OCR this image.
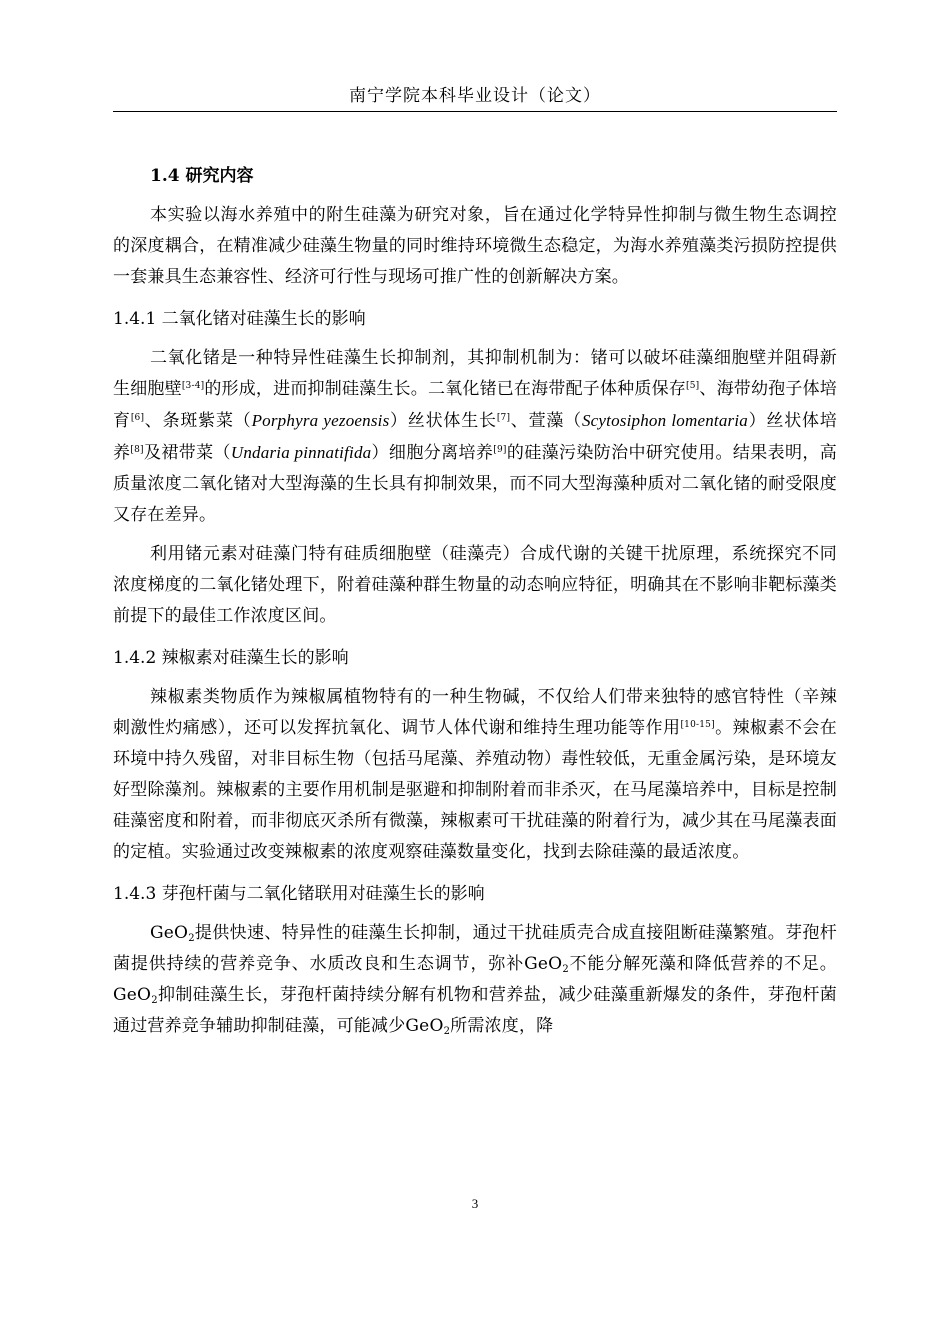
南宁学院本科毕业设计（论文）
1.4 研究内容

本实验以海水养殖中的附生硅藻为研究对象，旨在通过化学特异性抑制与微生物生态调控的深度耦合，在精准减少硅藻生物量的同时维持环境微生态稳定，为海水养殖藻类污损防控提供一套兼具生态兼容性、经济可行性与现场可推广性的创新解决方案。

1.4.1 二氧化锗对硅藻生长的影响

二氧化锗是一种特异性硅藻生长抑制剂，其抑制机制为：锗可以破坏硅藻细胞壁并阻碍新生细胞壁[3-4]的形成，进而抑制硅藻生长。二氧化锗已在海带配子体种质保存[5]、海带幼孢子体培育[6]、条斑紫菜（Porphyra yezoensis）丝状体生长[7]、萱藻（Scytosiphon lomentaria）丝状体培养[8]及裙带菜（Undaria pinnatifida）细胞分离培养[9]的硅藻污染防治中研究使用。结果表明，高质量浓度二氧化锗对大型海藻的生长具有抑制效果，而不同大型海藻种质对二氧化锗的耐受限度又存在差异。

利用锗元素对硅藻门特有硅质细胞壁（硅藻壳）合成代谢的关键干扰原理，系统探究不同浓度梯度的二氧化锗处理下，附着硅藻种群生物量的动态响应特征，明确其在不影响非靶标藻类前提下的最佳工作浓度区间。

1.4.2 辣椒素对硅藻生长的影响

辣椒素类物质作为辣椒属植物特有的一种生物碱，不仅给人们带来独特的感官特性（辛辣刺激性灼痛感），还可以发挥抗氧化、调节人体代谢和维持生理功能等作用[10-15]。辣椒素不会在环境中持久残留，对非目标生物（包括马尾藻、养殖动物）毒性较低，无重金属污染，是环境友好型除藻剂。辣椒素的主要作用机制是驱避和抑制附着而非杀灭，在马尾藻培养中，目标是控制硅藻密度和附着，而非彻底灭杀所有微藻，辣椒素可干扰硅藻的附着行为，减少其在马尾藻表面的定植。实验通过改变辣椒素的浓度观察硅藻数量变化，找到去除硅藻的最适浓度。

1.4.3 芽孢杆菌与二氧化锗联用对硅藻生长的影响

GeO$_2$提供快速、特异性的硅藻生长抑制，通过干扰硅质壳合成直接阻断硅藻繁殖。芽孢杆菌提供持续的营养竞争、水质改良和生态调节，弥补GeO$_2$不能分解死藻和降低营养的不足。GeO$_2$抑制硅藻生长，芽孢杆菌持续分解有机物和营养盐，减少硅藻重新爆发的条件，芽孢杆菌通过营养竞争辅助抑制硅藻，可能减少GeO$_2$所需浓度，降

3
